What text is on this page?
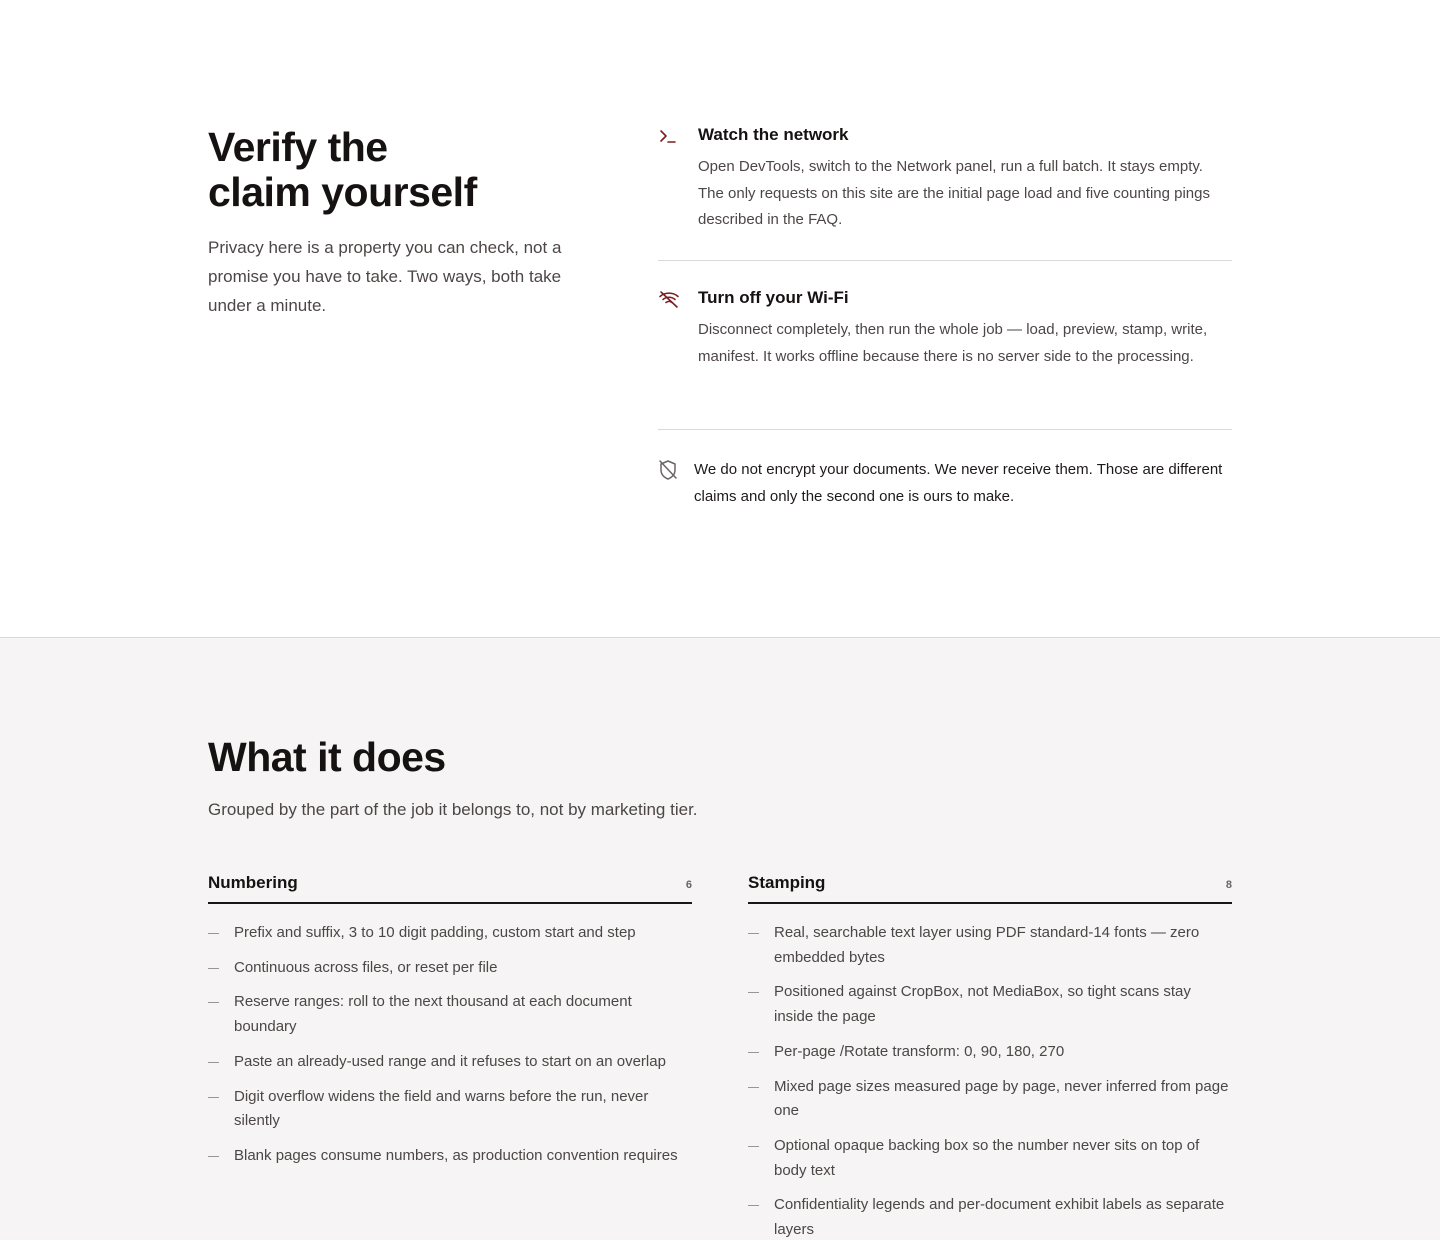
Verify the
claim yourself

Privacy here is a property you can check, not a promise you have to take. Two ways, both take under a minute.

Watch the network

Open DevTools, switch to the Network panel, run a full batch. It stays empty. The only requests on this site are the initial page load and five counting pings described in the FAQ.

Turn off your Wi-Fi

Disconnect completely, then run the whole job — load, preview, stamp, write, manifest. It works offline because there is no server side to the processing.

We do not encrypt your documents. We never receive them. Those are different claims and only the second one is ours to make.

What it does

Grouped by the part of the job it belongs to, not by marketing tier.

Numbering	6
Prefix and suffix, 3 to 10 digit padding, custom start and step
Continuous across files, or reset per file
Reserve ranges: roll to the next thousand at each document boundary
Paste an already-used range and it refuses to start on an overlap
Digit overflow widens the field and warns before the run, never silently
Blank pages consume numbers, as production convention requires
Stamping	8
Real, searchable text layer using PDF standard-14 fonts — zero embedded bytes
Positioned against CropBox, not MediaBox, so tight scans stay inside the page
Per-page /Rotate transform: 0, 90, 180, 270
Mixed page sizes measured page by page, never inferred from page one
Optional opaque backing box so the number never sits on top of body text
Confidentiality legends and per-document exhibit labels as separate layers
